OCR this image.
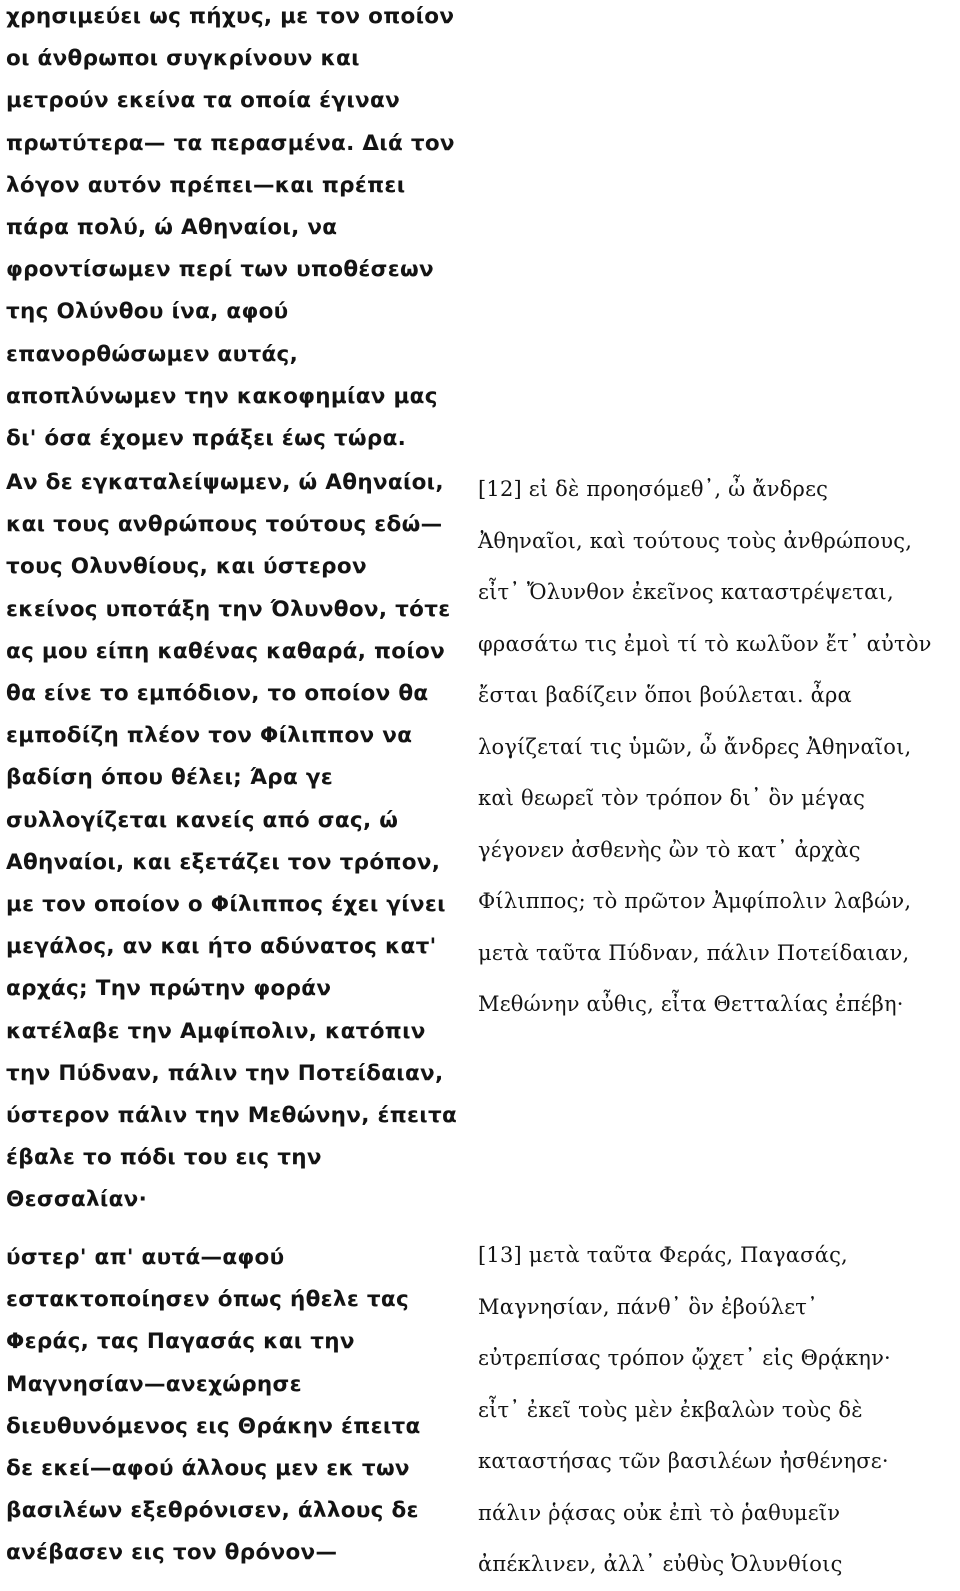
χρησιμεύει ως πήχυς, με τον οποίον
οι άνθρωποι συγκρίνουν και
μετρούν εκείνα τα οποία έγιναν
πρωτύτερα— τα περασμένα. Διά τον
λόγον αυτόν πρέπει—και πρέπει
πάρα πολύ, ώ Αθηναίοι, να
φροντίσωμεν περί των υποθέσεων
της Ολύνθου ίνα, αφού
επανορθώσωμεν αυτάς,
αποπλύνωμεν την κακοφημίαν μας
δι' όσα έχομεν πράξει έως τώρα.
Αν δε εγκαταλείψωμεν, ώ Αθηναίοι,
και τους ανθρώπους τούτους εδώ—
τους Ολυνθίους, και ύστερον
εκείνος υποτάξη την Όλυνθον, τότε
ας μου είπη καθένας καθαρά, ποίον
θα είνε το εμπόδιον, το οποίον θα
εμποδίζη πλέον τον Φίλιππον να
βαδίση όπου θέλει; Άρα γε
συλλογίζεται κανείς από σας, ώ
Αθηναίοι, και εξετάζει τον τρόπον,
με τον οποίον ο Φίλιππος έχει γίνει
μεγάλος, αν και ήτο αδύνατος κατ'
αρχάς; Την πρώτην φοράν
κατέλαβε την Αμφίπολιν, κατόπιν
την Πύδναν, πάλιν την Ποτείδαιαν,
ύστερον πάλιν την Μεθώνην, έπειτα
έβαλε το πόδι του εις την
Θεσσαλίαν·
ύστερ' απ' αυτά—αφού
εστακτοποίησεν όπως ήθελε τας
Φεράς, τας Παγασάς και την
Μαγνησίαν—ανεχώρησε
διευθυνόμενος εις Θράκην έπειτα
δε εκεί—αφού άλλους μεν εκ των
βασιλέων εξεθρόνισεν, άλλους δε
ανέβασεν εις τον θρόνον—
[12] εἰ δὲ προησόμεθ᾽, ὦ ἄνδρες
Ἀθηναῖοι, καὶ τούτους τοὺς ἀνθρώπους,
εἶτ᾽ Ὄλυνθον ἐκεῖνος καταστρέψεται,
φρασάτω τις ἐμοὶ τί τὸ κωλῦον ἔτ᾽ αὐτὸν
ἔσται βαδίζειν ὅποι βούλεται. ἆρα
λογίζεταί τις ὑμῶν, ὦ ἄνδρες Ἀθηναῖοι,
καὶ θεωρεῖ τὸν τρόπον δι᾽ ὃν μέγας
γέγονεν ἀσθενὴς ὢν τὸ κατ᾽ ἀρχὰς
Φίλιππος; τὸ πρῶτον Ἀμφίπολιν λαβών,
μετὰ ταῦτα Πύδναν, πάλιν Ποτείδαιαν,
Μεθώνην αὖθις, εἶτα Θετταλίας ἐπέβη·
[13] μετὰ ταῦτα Φεράς, Παγασάς,
Μαγνησίαν, πάνθ᾽ ὃν ἐβούλετ᾽
εὐτρεπίσας τρόπον ᾤχετ᾽ εἰς Θρᾴκην·
εἶτ᾽ ἐκεῖ τοὺς μὲν ἐκβαλὼν τοὺς δὲ
καταστήσας τῶν βασιλέων ἠσθένησε·
πάλιν ῥᾴσας οὐκ ἐπὶ τὸ ῥαθυμεῖν
ἀπέκλινεν, ἀλλ᾽ εὐθὺς Ὀλυνθίοις
